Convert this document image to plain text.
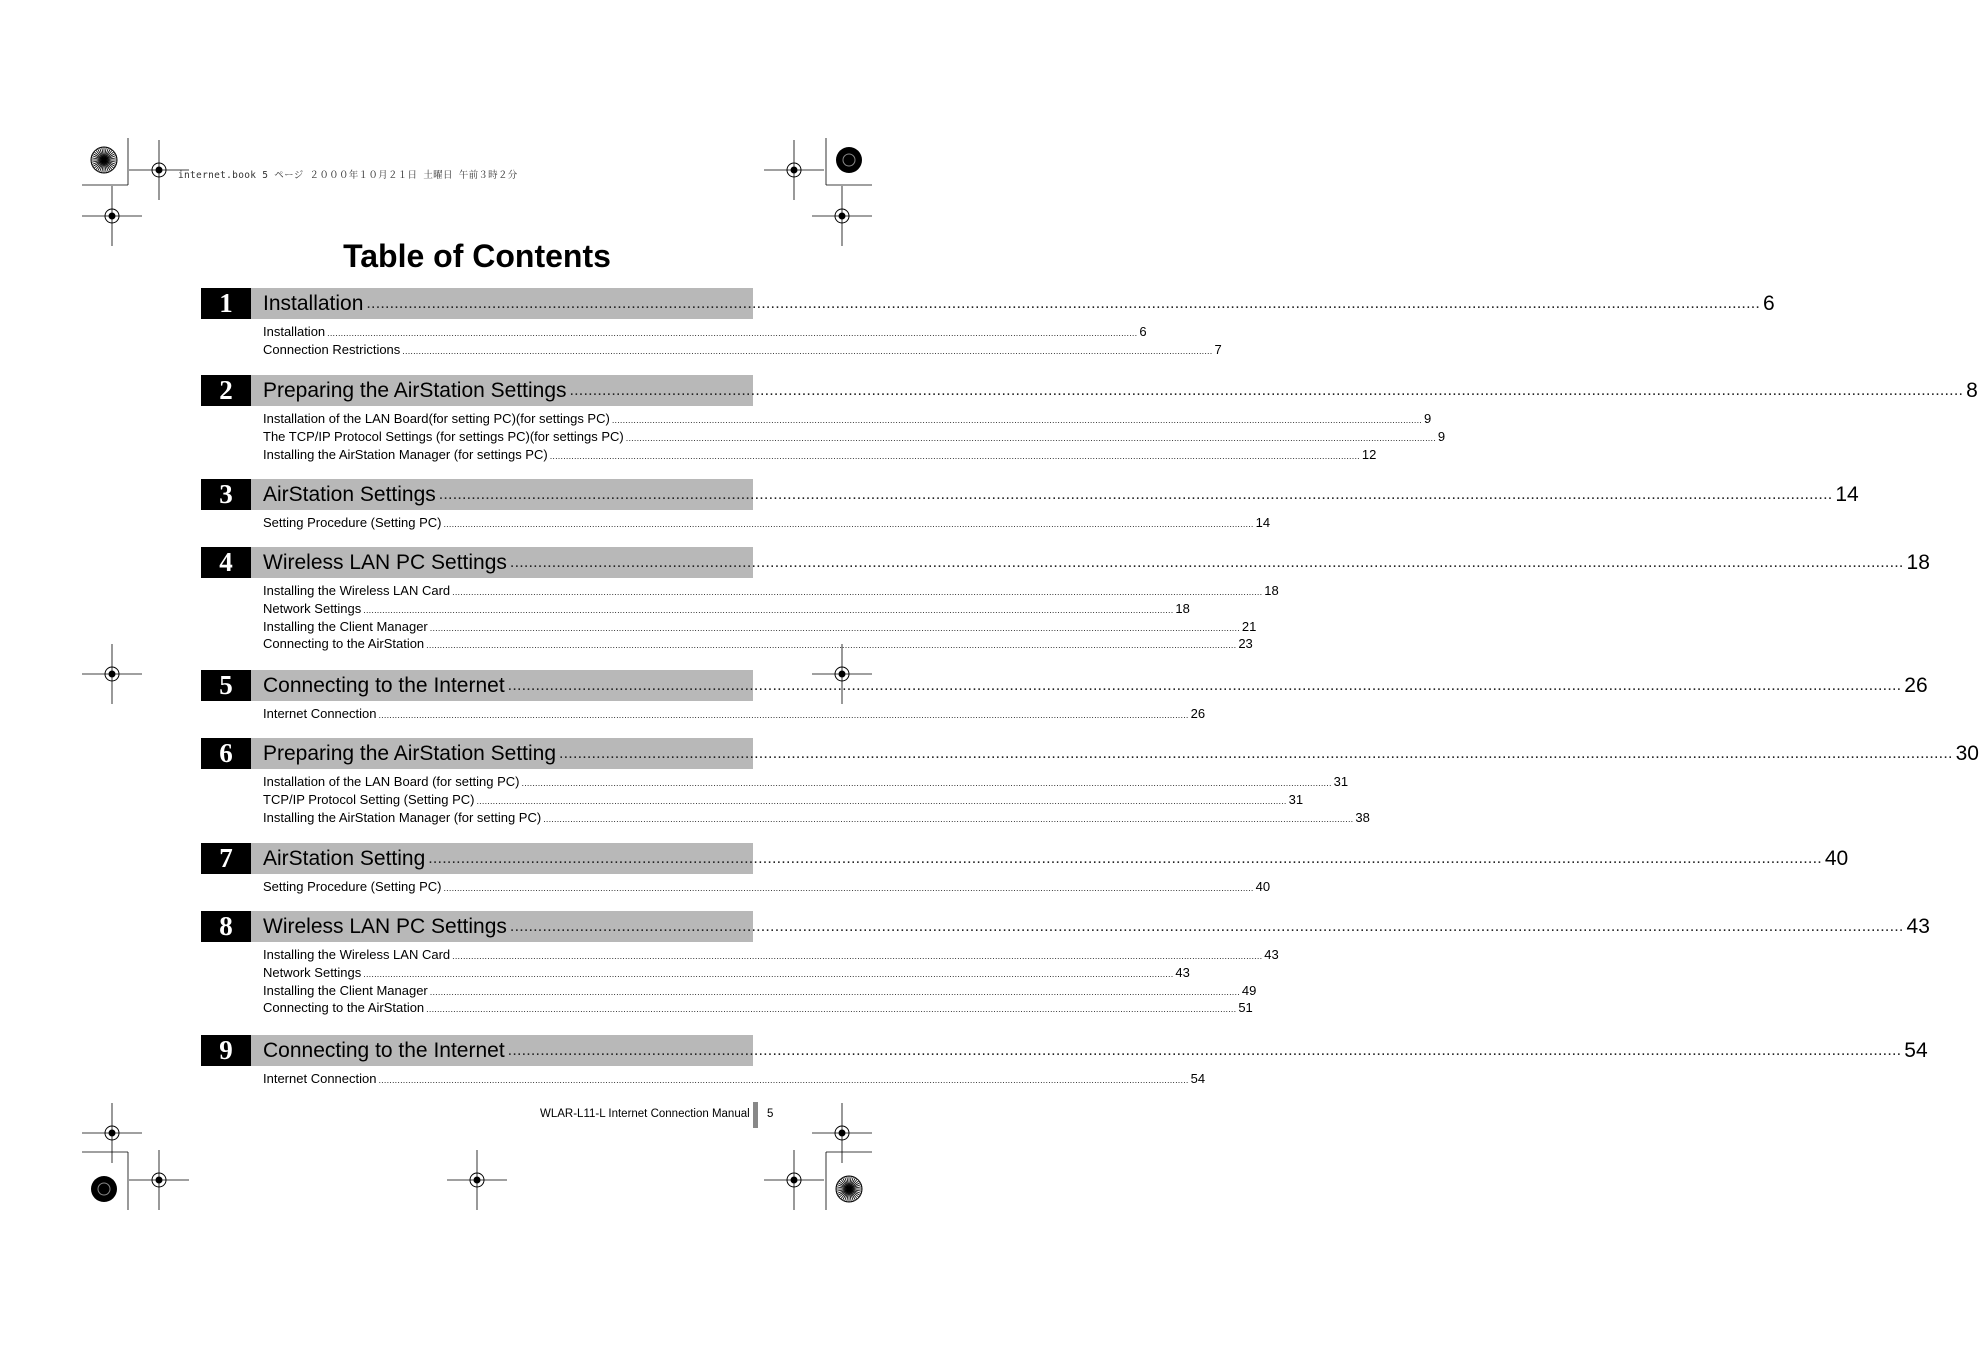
internet.book 5 ページ ２０００年１０月２１日 土曜日 午前３時２分
Table of Contents
1	Installation ............................................................................................................................................................................................................................................................................................................ 6
Installation ............................................................................................................................................................................................................................................................................................................ 6
Connection Restrictions ............................................................................................................................................................................................................................................................................................................ 7
2	Preparing the AirStation Settings ............................................................................................................................................................................................................................................................................................................ 8
Installation of the LAN Board(for setting PC)(for settings PC) ............................................................................................................................................................................................................................................................................................................ 9
The TCP/IP Protocol Settings (for settings PC)(for settings PC) ............................................................................................................................................................................................................................................................................................................ 9
Installing the AirStation Manager (for settings PC) ............................................................................................................................................................................................................................................................................................................ 12
3	AirStation Settings ............................................................................................................................................................................................................................................................................................................ 14
Setting Procedure (Setting PC) ............................................................................................................................................................................................................................................................................................................ 14
4	Wireless LAN PC Settings ............................................................................................................................................................................................................................................................................................................ 18
Installing the Wireless LAN Card ............................................................................................................................................................................................................................................................................................................ 18
Network Settings ............................................................................................................................................................................................................................................................................................................ 18
Installing the Client Manager ............................................................................................................................................................................................................................................................................................................ 21
Connecting to the AirStation ............................................................................................................................................................................................................................................................................................................ 23
5	Connecting to the Internet ............................................................................................................................................................................................................................................................................................................ 26
Internet Connection ............................................................................................................................................................................................................................................................................................................ 26
6	Preparing the AirStation Setting ............................................................................................................................................................................................................................................................................................................ 30
Installation of the LAN Board (for setting PC) ............................................................................................................................................................................................................................................................................................................ 31
TCP/IP Protocol Setting (Setting PC) ............................................................................................................................................................................................................................................................................................................ 31
Installing the AirStation Manager (for setting PC) ............................................................................................................................................................................................................................................................................................................ 38
7	AirStation Setting ............................................................................................................................................................................................................................................................................................................ 40
Setting Procedure (Setting PC) ............................................................................................................................................................................................................................................................................................................ 40
8	Wireless LAN PC Settings ............................................................................................................................................................................................................................................................................................................ 43
Installing the Wireless LAN Card ............................................................................................................................................................................................................................................................................................................ 43
Network Settings ............................................................................................................................................................................................................................................................................................................ 43
Installing the Client Manager ............................................................................................................................................................................................................................................................................................................ 49
Connecting to the AirStation ............................................................................................................................................................................................................................................................................................................ 51
9	Connecting to the Internet ............................................................................................................................................................................................................................................................................................................ 54
Internet Connection ............................................................................................................................................................................................................................................................................................................ 54
WLAR-L11-L Internet Connection Manual 5
